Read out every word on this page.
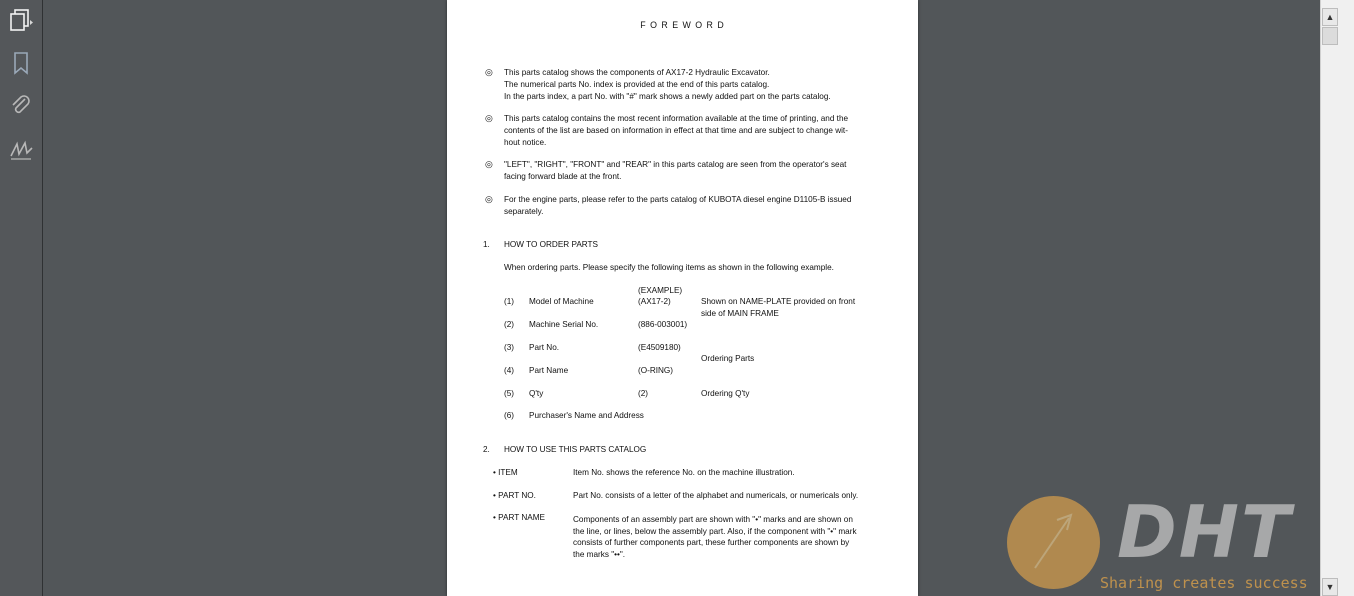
F O R E W O R D
◎ This parts catalog shows the components of AX17-2 Hydraulic Excavator.
The numerical parts No. index is provided at the end of this parts catalog.
In the parts index, a part No. with "#" mark shows a newly added part on the parts catalog.
◎ This parts catalog contains the most recent information available at the time of printing, and the
contents of the list are based on information in effect at that time and are subject to change wit-
hout notice.
◎ "LEFT", "RIGHT", "FRONT" and "REAR" in this parts catalog are seen from the operator's seat
facing forward blade at the front.
◎ For the engine parts, please refer to the parts catalog of KUBOTA diesel engine D1105-B issued
separately.
1. HOW TO ORDER PARTS
When ordering parts. Please specify the following items as shown in the following example.
(EXAMPLE)
(1) Model of Machine	(AX17-2)	Shown on NAME-PLATE provided on front
side of MAIN FRAME
(2) Machine Serial No.	(886-003001)
(3) Part No.	(E4509180)
Ordering Parts
(4) Part Name	(O-RING)
(5) Q'ty	(2)	Ordering Q'ty
(6) Purchaser's Name and Address
2. HOW TO USE THIS PARTS CATALOG
• ITEM	Item No. shows the reference No. on the machine illustration.
• PART NO.	Part No. consists of a letter of the alphabet and numericals, or numericals only.
• PART NAME	Components of an assembly part are shown with "•" marks and are shown on
the line, or lines, below the assembly part. Also, if the component with "•" mark
consists of further components part, these further components are shown by
the marks "••".
▲
▼
DHT
Sharing creates success
